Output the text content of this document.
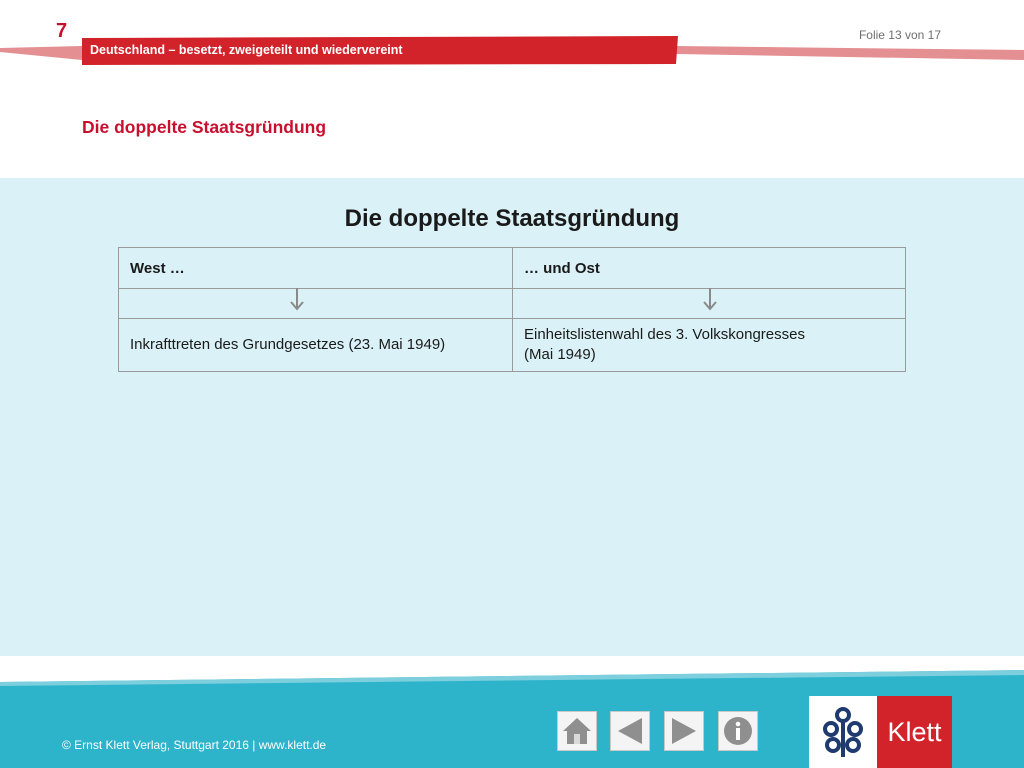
7	Folie 13 von 17
Deutschland – besetzt, zweigeteilt und wiedervereint
Die doppelte Staatsgründung
Die doppelte Staatsgründung
West …	… und Ost

Inkrafttreten des Grundgesetzes (23. Mai 1949)	Einheitslistenwahl des 3. Volkskongresses
(Mai 1949)
© Ernst Klett Verlag, Stuttgart 2016 | www.klett.de	Klett
